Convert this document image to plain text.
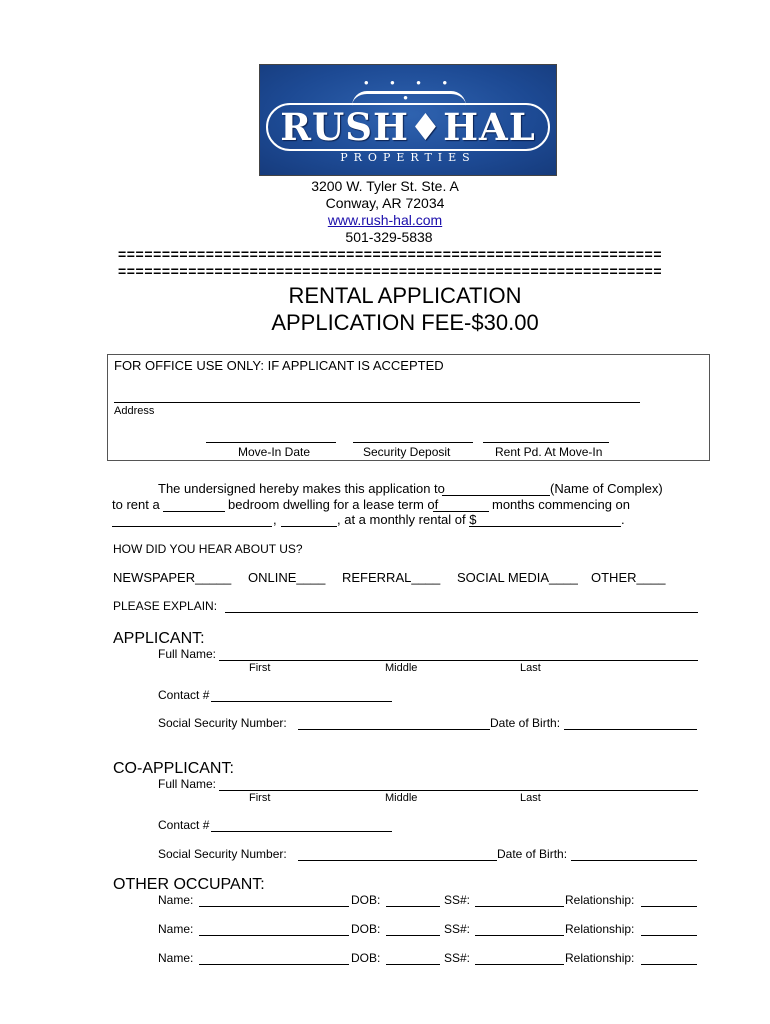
• • • • •
RUSH♦HAL
PROPERTIES
3200 W. Tyler St. Ste. A
Conway, AR 72034
www.rush-hal.com
501-329-5838
==============================================================
==============================================================
RENTAL APPLICATION
APPLICATION FEE-$30.00
FOR OFFICE USE ONLY: IF APPLICANT IS ACCEPTED
Address
Move-In Date	Security Deposit	Rent Pd. At Move-In
The undersigned hereby makes this application to	(Name of Complex)
to rent a	bedroom dwelling for a lease term of	months commencing on
,	, at a monthly rental of $	.
HOW DID YOU HEAR ABOUT US?
NEWSPAPER_____ ONLINE____ REFERRAL____ SOCIAL MEDIA____ OTHER____
PLEASE EXPLAIN:
APPLICANT:
Full Name:
First	Middle	Last
Contact #
Social Security Number:	Date of Birth:
CO-APPLICANT:
Full Name:
First	Middle	Last
Contact #
Social Security Number:	Date of Birth:
OTHER OCCUPANT:
Name:	DOB:	SS#:	Relationship:
Name:	DOB:	SS#:	Relationship:
Name:	DOB:	SS#:	Relationship:
